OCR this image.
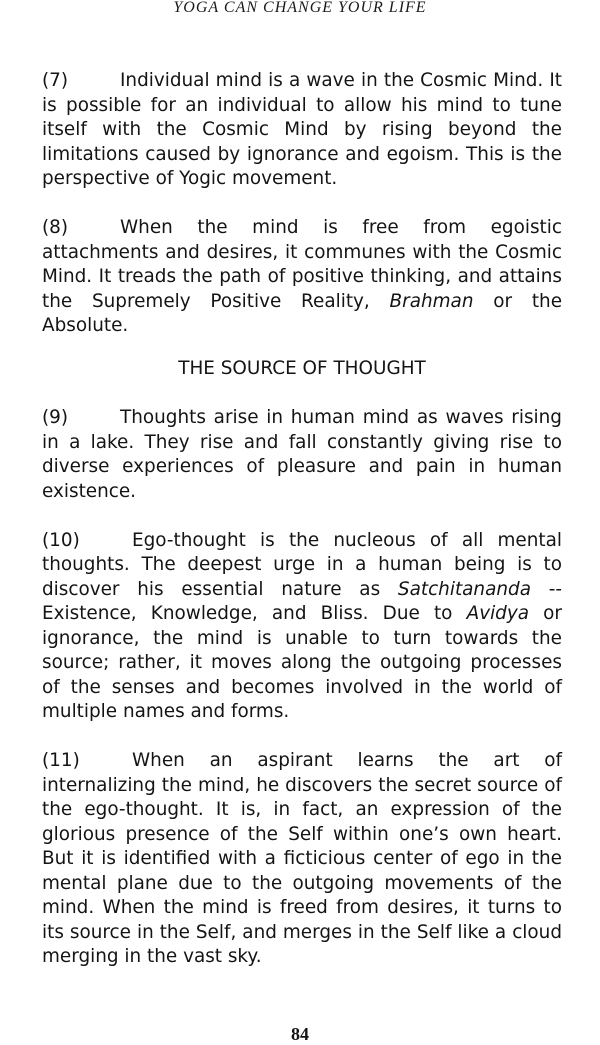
YOGA CAN CHANGE YOUR LIFE

(7)	Individual mind is a wave in the Cosmic Mind. It is possible for an individual to allow his mind to tune itself with the Cosmic Mind by rising beyond the limitations caused by ignorance and egoism. This is the perspective of Yogic movement.

(8)	When the mind is free from egoistic attachments and desires, it communes with the Cosmic Mind. It treads the path of positive thinking, and attains the Supremely Positive Reality, Brahman or the Absolute.

THE SOURCE OF THOUGHT

(9)	Thoughts arise in human mind as waves rising in a lake. They rise and fall constantly giving rise to diverse experiences of pleasure and pain in human existence.

(10)	Ego-thought is the nucleous of all mental thoughts. The deepest urge in a human being is to discover his essential nature as Satchitananda -- Existence, Knowledge, and Bliss. Due to Avidya or ignorance, the mind is unable to turn towards the source; rather, it moves along the outgoing processes of the senses and becomes involved in the world of multiple names and forms.

(11)	When an aspirant learns the art of internalizing the mind, he discovers the secret source of the ego-thought. It is, in fact, an expression of the glorious presence of the Self within one’s own heart. But it is identified with a ficticious center of ego in the mental plane due to the outgoing movements of the mind. When the mind is freed from desires, it turns to its source in the Self, and merges in the Self like a cloud merging in the vast sky.

84
